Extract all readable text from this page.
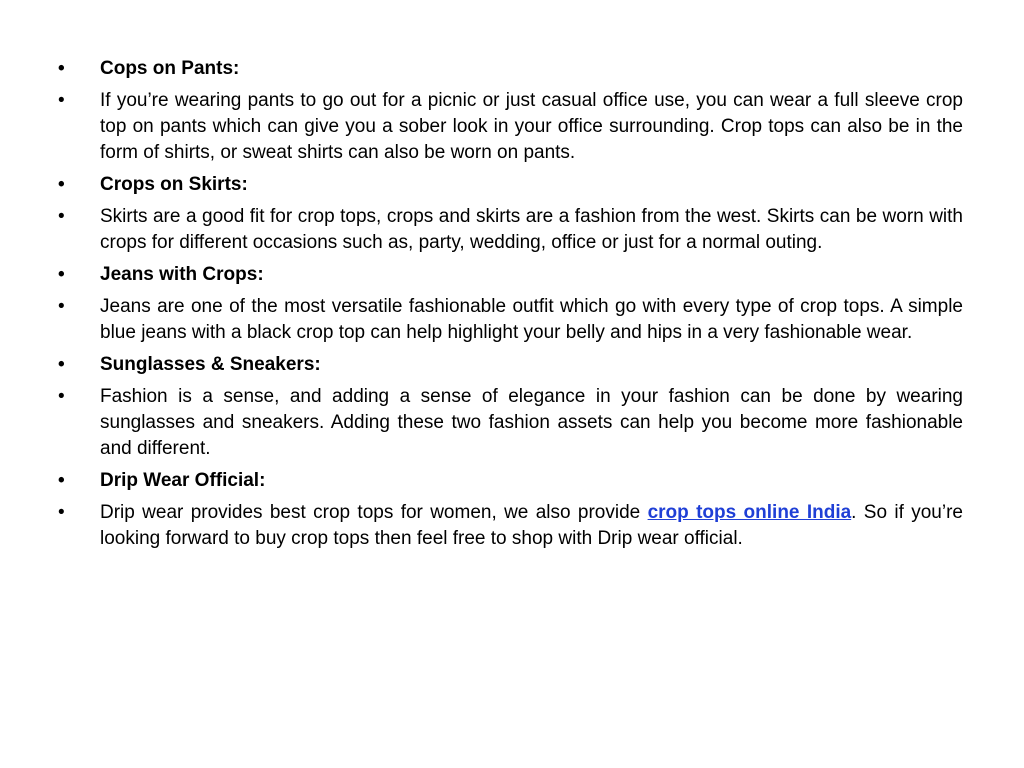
•	Cops on Pants:
•	If you’re wearing pants to go out for a picnic or just casual office use, you can wear a full sleeve crop top on pants which can give you a sober look in your office surrounding. Crop tops can also be in the form of shirts, or sweat shirts can also be worn on pants.
•	Crops on Skirts:
•	Skirts are a good fit for crop tops, crops and skirts are a fashion from the west. Skirts can be worn with crops for different occasions such as, party, wedding, office or just for a normal outing.
•	Jeans with Crops:
•	Jeans are one of the most versatile fashionable outfit which go with every type of crop tops. A simple blue jeans with a black crop top can help highlight your belly and hips in a very fashionable wear.
•	Sunglasses & Sneakers:
•	Fashion is a sense, and adding a sense of elegance in your fashion can be done by wearing sunglasses and sneakers. Adding these two fashion assets can help you become more fashionable and different.
•	Drip Wear Official:
•	Drip wear provides best crop tops for women, we also provide crop tops online India. So if you’re looking forward to buy crop tops then feel free to shop with Drip wear official.
